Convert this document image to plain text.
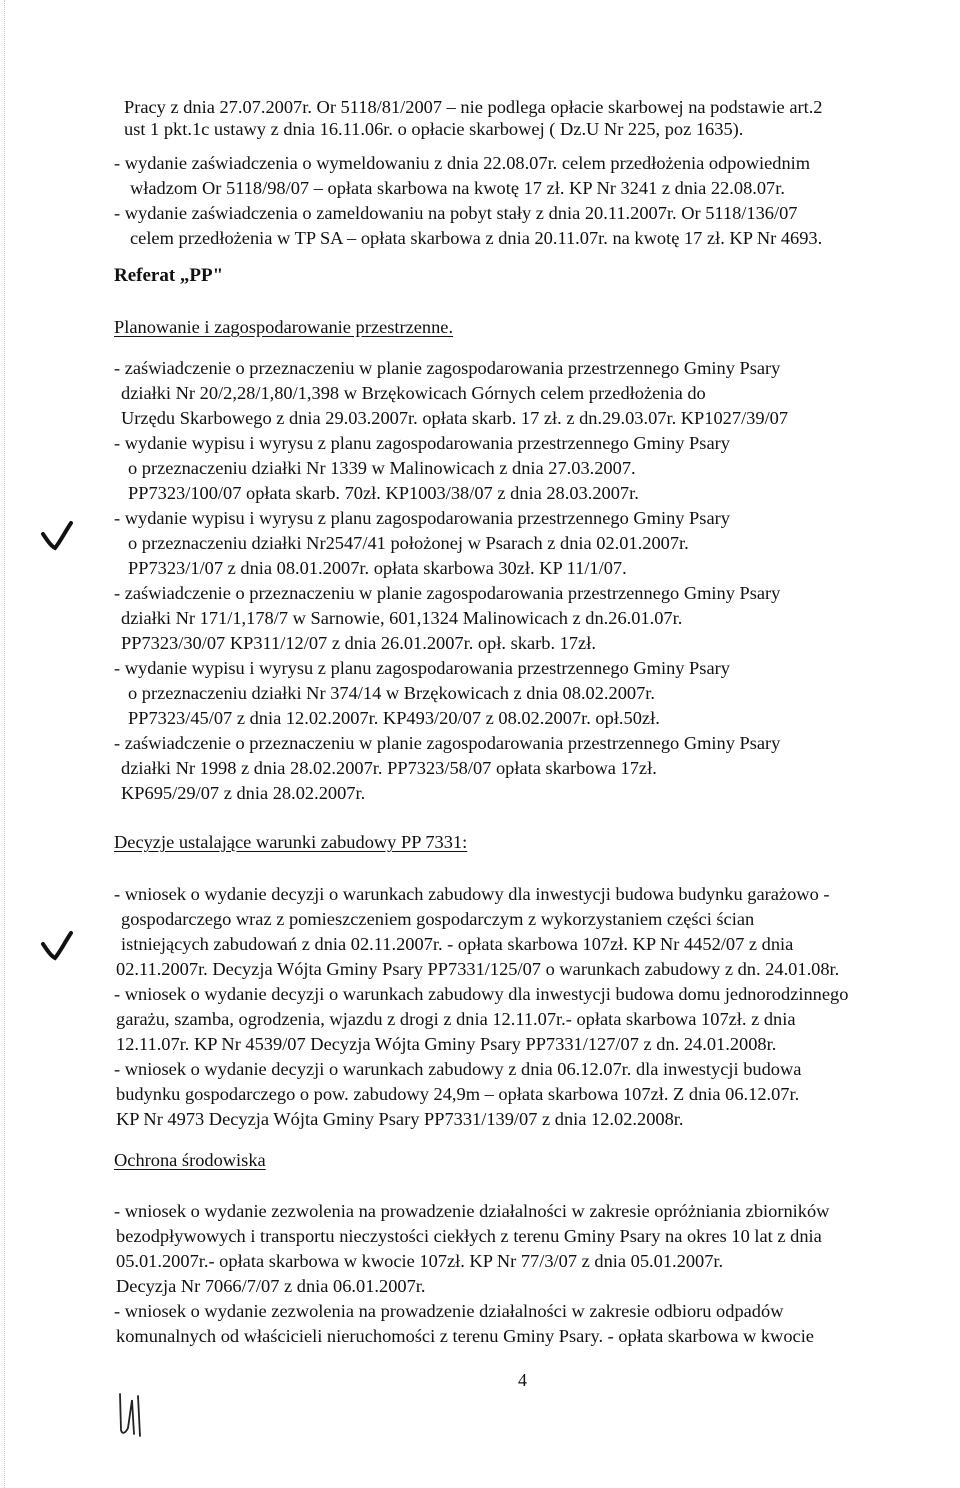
Pracy z dnia 27.07.2007r. Or 5118/81/2007 – nie podlega opłacie skarbowej na podstawie art.2
ust 1 pkt.1c ustawy z dnia 16.11.06r. o opłacie skarbowej ( Dz.U Nr 225, poz 1635).
- wydanie zaświadczenia o wymeldowaniu z dnia 22.08.07r. celem przedłożenia odpowiednim
władzom Or 5118/98/07 – opłata skarbowa na kwotę 17 zł. KP Nr 3241 z dnia 22.08.07r.
- wydanie zaświadczenia o zameldowaniu na pobyt stały z dnia 20.11.2007r. Or 5118/136/07
celem przedłożenia w TP SA – opłata skarbowa z dnia 20.11.07r. na kwotę 17 zł. KP Nr 4693.
Referat „PP"
Planowanie i zagospodarowanie przestrzenne.
- zaświadczenie o przeznaczeniu w planie zagospodarowania przestrzennego Gminy Psary
działki Nr 20/2,28/1,80/1,398 w Brzękowicach Górnych celem przedłożenia do
Urzędu Skarbowego z dnia 29.03.2007r. opłata skarb. 17 zł. z dn.29.03.07r. KP1027/39/07
- wydanie wypisu i wyrysu z planu zagospodarowania przestrzennego Gminy Psary
o przeznaczeniu działki Nr 1339 w Malinowicach z dnia 27.03.2007.
PP7323/100/07 opłata skarb. 70zł. KP1003/38/07 z dnia 28.03.2007r.
- wydanie wypisu i wyrysu z planu zagospodarowania przestrzennego Gminy Psary
o przeznaczeniu działki Nr2547/41 położonej w Psarach z dnia 02.01.2007r.
PP7323/1/07 z dnia 08.01.2007r. opłata skarbowa 30zł. KP 11/1/07.
- zaświadczenie o przeznaczeniu w planie zagospodarowania przestrzennego Gminy Psary
działki Nr 171/1,178/7 w Sarnowie, 601,1324 Malinowicach z dn.26.01.07r.
PP7323/30/07 KP311/12/07 z dnia 26.01.2007r. opł. skarb. 17zł.
- wydanie wypisu i wyrysu z planu zagospodarowania przestrzennego Gminy Psary
o przeznaczeniu działki Nr 374/14 w Brzękowicach z dnia 08.02.2007r.
PP7323/45/07 z dnia 12.02.2007r. KP493/20/07 z 08.02.2007r. opł.50zł.
- zaświadczenie o przeznaczeniu w planie zagospodarowania przestrzennego Gminy Psary
działki Nr 1998 z dnia 28.02.2007r. PP7323/58/07 opłata skarbowa 17zł.
KP695/29/07 z dnia 28.02.2007r.
Decyzje ustalające warunki zabudowy PP 7331:
- wniosek o wydanie decyzji o warunkach zabudowy dla inwestycji budowa budynku garażowo -
gospodarczego wraz z pomieszczeniem gospodarczym z wykorzystaniem części ścian
istniejących zabudowań z dnia 02.11.2007r. - opłata skarbowa 107zł. KP Nr 4452/07 z dnia
02.11.2007r. Decyzja Wójta Gminy Psary PP7331/125/07 o warunkach zabudowy z dn. 24.01.08r.
- wniosek o wydanie decyzji o warunkach zabudowy dla inwestycji budowa domu jednorodzinnego
garażu, szamba, ogrodzenia, wjazdu z drogi z dnia 12.11.07r.- opłata skarbowa 107zł. z dnia
12.11.07r. KP Nr 4539/07 Decyzja Wójta Gminy Psary PP7331/127/07 z dn. 24.01.2008r.
- wniosek o wydanie decyzji o warunkach zabudowy z dnia 06.12.07r. dla inwestycji budowa
budynku gospodarczego o pow. zabudowy 24,9m – opłata skarbowa 107zł. Z dnia 06.12.07r.
KP Nr 4973 Decyzja Wójta Gminy Psary PP7331/139/07 z dnia 12.02.2008r.
Ochrona środowiska
- wniosek o wydanie zezwolenia na prowadzenie działalności w zakresie opróżniania zbiorników
bezodpływowych i transportu nieczystości ciekłych z terenu Gminy Psary na okres 10 lat z dnia
05.01.2007r.- opłata skarbowa w kwocie 107zł. KP Nr 77/3/07 z dnia 05.01.2007r.
Decyzja Nr 7066/7/07 z dnia 06.01.2007r.
- wniosek o wydanie zezwolenia na prowadzenie działalności w zakresie odbioru odpadów
komunalnych od właścicieli nieruchomości z terenu Gminy Psary. - opłata skarbowa w kwocie
4
